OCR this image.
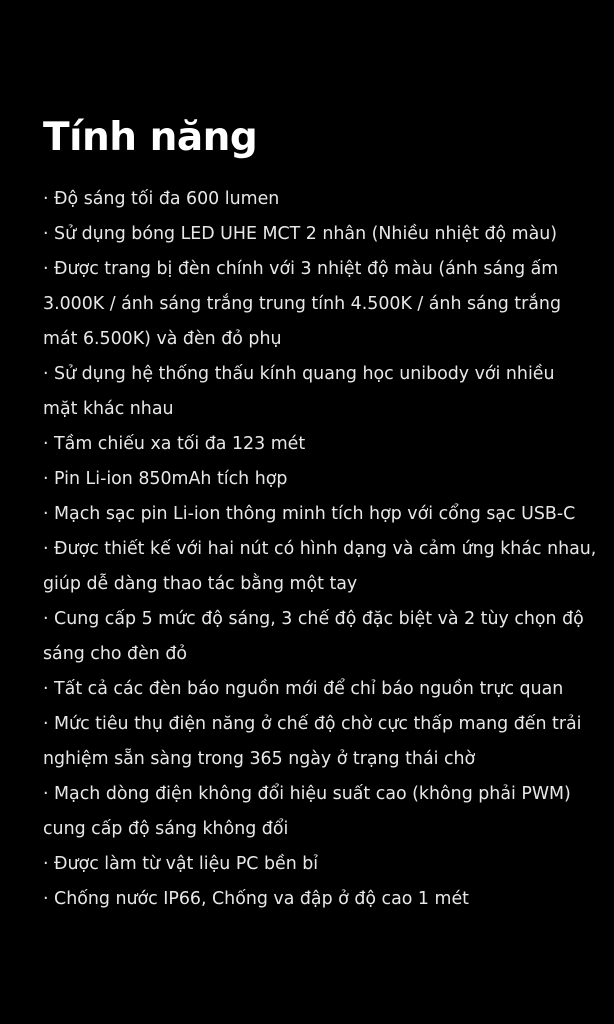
Tính năng
· Độ sáng tối đa 600 lumen
· Sử dụng bóng LED UHE MCT 2 nhân (Nhiều nhiệt độ màu)
· Được trang bị đèn chính với 3 nhiệt độ màu (ánh sáng ấm
3.000K / ánh sáng trắng trung tính 4.500K / ánh sáng trắng
mát 6.500K) và đèn đỏ phụ
· Sử dụng hệ thống thấu kính quang học unibody với nhiều
mặt khác nhau
· Tầm chiếu xa tối đa 123 mét
· Pin Li-ion 850mAh tích hợp
· Mạch sạc pin Li-ion thông minh tích hợp với cổng sạc USB-C
· Được thiết kế với hai nút có hình dạng và cảm ứng khác nhau,
giúp dễ dàng thao tác bằng một tay
· Cung cấp 5 mức độ sáng, 3 chế độ đặc biệt và 2 tùy chọn độ
sáng cho đèn đỏ
· Tất cả các đèn báo nguồn mới để chỉ báo nguồn trực quan
· Mức tiêu thụ điện năng ở chế độ chờ cực thấp mang đến trải
nghiệm sẵn sàng trong 365 ngày ở trạng thái chờ
· Mạch dòng điện không đổi hiệu suất cao (không phải PWM)
cung cấp độ sáng không đổi
· Được làm từ vật liệu PC bền bỉ
· Chống nước IP66, Chống va đập ở độ cao 1 mét
